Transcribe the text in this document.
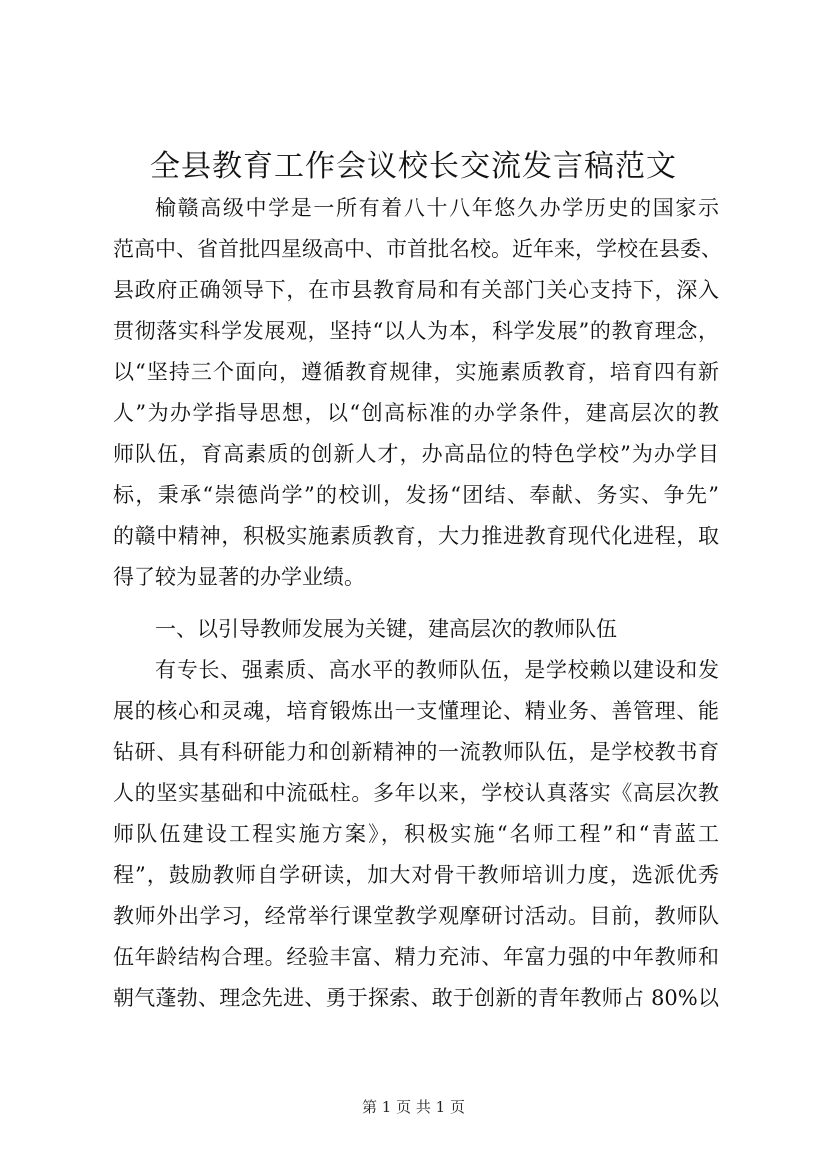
全县教育工作会议校长交流发言稿范文
榆赣高级中学是一所有着八十八年悠久办学历史的国家示
范高中、省首批四星级高中、市首批名校。近年来，学校在县委、
县政府正确领导下，在市县教育局和有关部门关心支持下，深入
贯彻落实科学发展观，坚持“以人为本，科学发展”的教育理念，
以“坚持三个面向，遵循教育规律，实施素质教育，培育四有新
人”为办学指导思想，以“创高标准的办学条件，建高层次的教
师队伍，育高素质的创新人才，办高品位的特色学校”为办学目
标，秉承“崇德尚学”的校训，发扬“团结、奉献、务实、争先”
的赣中精神，积极实施素质教育，大力推进教育现代化进程，取
得了较为显著的办学业绩。
一、以引导教师发展为关键，建高层次的教师队伍
有专长、强素质、高水平的教师队伍，是学校赖以建设和发
展的核心和灵魂，培育锻炼出一支懂理论、精业务、善管理、能
钻研、具有科研能力和创新精神的一流教师队伍，是学校教书育
人的坚实基础和中流砥柱。多年以来，学校认真落实《高层次教
师队伍建设工程实施方案》，积极实施“名师工程”和“青蓝工
程”，鼓励教师自学研读，加大对骨干教师培训力度，选派优秀
教师外出学习，经常举行课堂教学观摩研讨活动。目前，教师队
伍年龄结构合理。经验丰富、精力充沛、年富力强的中年教师和
朝气蓬勃、理念先进、勇于探索、敢于创新的青年教师占 80%以
第 1 页 共 1 页
